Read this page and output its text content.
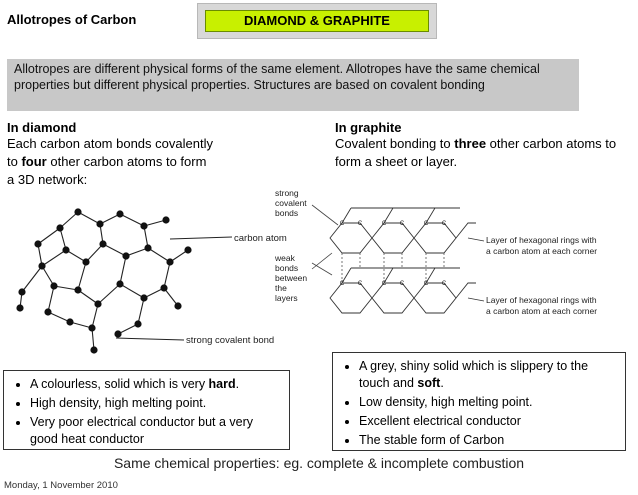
Allotropes of Carbon	DIAMOND & GRAPHITE
Allotropes are different physical forms of the same element. Allotropes have the same chemical properties but different physical properties. Structures are based on covalent bonding
In diamond
Each carbon atom bonds covalently to four other carbon atoms to form a 3D network:
In graphite
Covalent bonding to three other carbon atoms to form a sheet or layer.
carbon atom
strong covalent bond
strong
covalent
bonds
weak
bonds
between
the
layers
C C	C C	C C
C C	C C	C C
Layer of hexagonal rings with
a carbon atom at each corner
Layer of hexagonal rings with
a carbon atom at each corner
• A grey, shiny solid which is slippery to the touch and soft.
• Low density, high melting point.
• Excellent electrical conductor
• The stable form of Carbon
• A colourless, solid which is very hard.
• High density, high melting point.
• Very poor electrical conductor but a very good heat conductor
Same chemical properties: eg. complete & incomplete combustion
Monday, 1 November 2010
